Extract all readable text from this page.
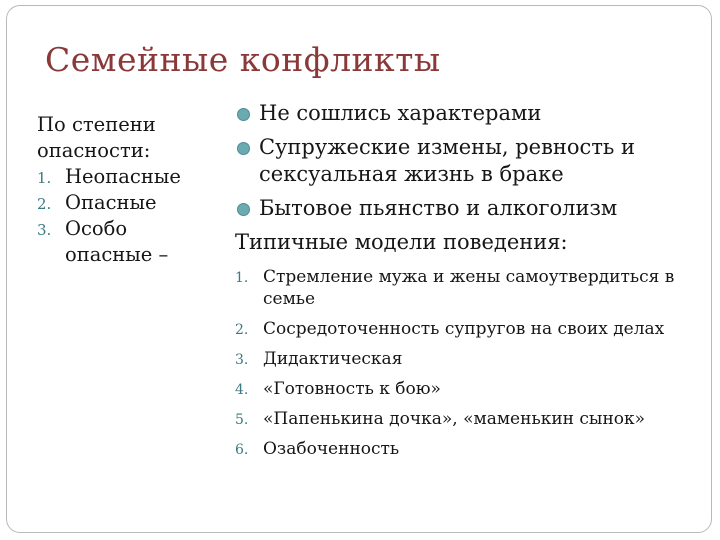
Семейные конфликты
По степени опасности:
1. Неопасные
2. Опасные
3. Особо опасные –
Не сошлись характерами
Супружеские измены, ревность и сексуальная жизнь в браке
Бытовое пьянство и алкоголизм
Типичные модели поведения:
1. Стремление мужа и жены самоутвердиться в семье
2. Сосредоточенность супругов на своих делах
3. Дидактическая
4. «Готовность к бою»
5. «Папенькина дочка», «маменькин сынок»
6. Озабоченность
